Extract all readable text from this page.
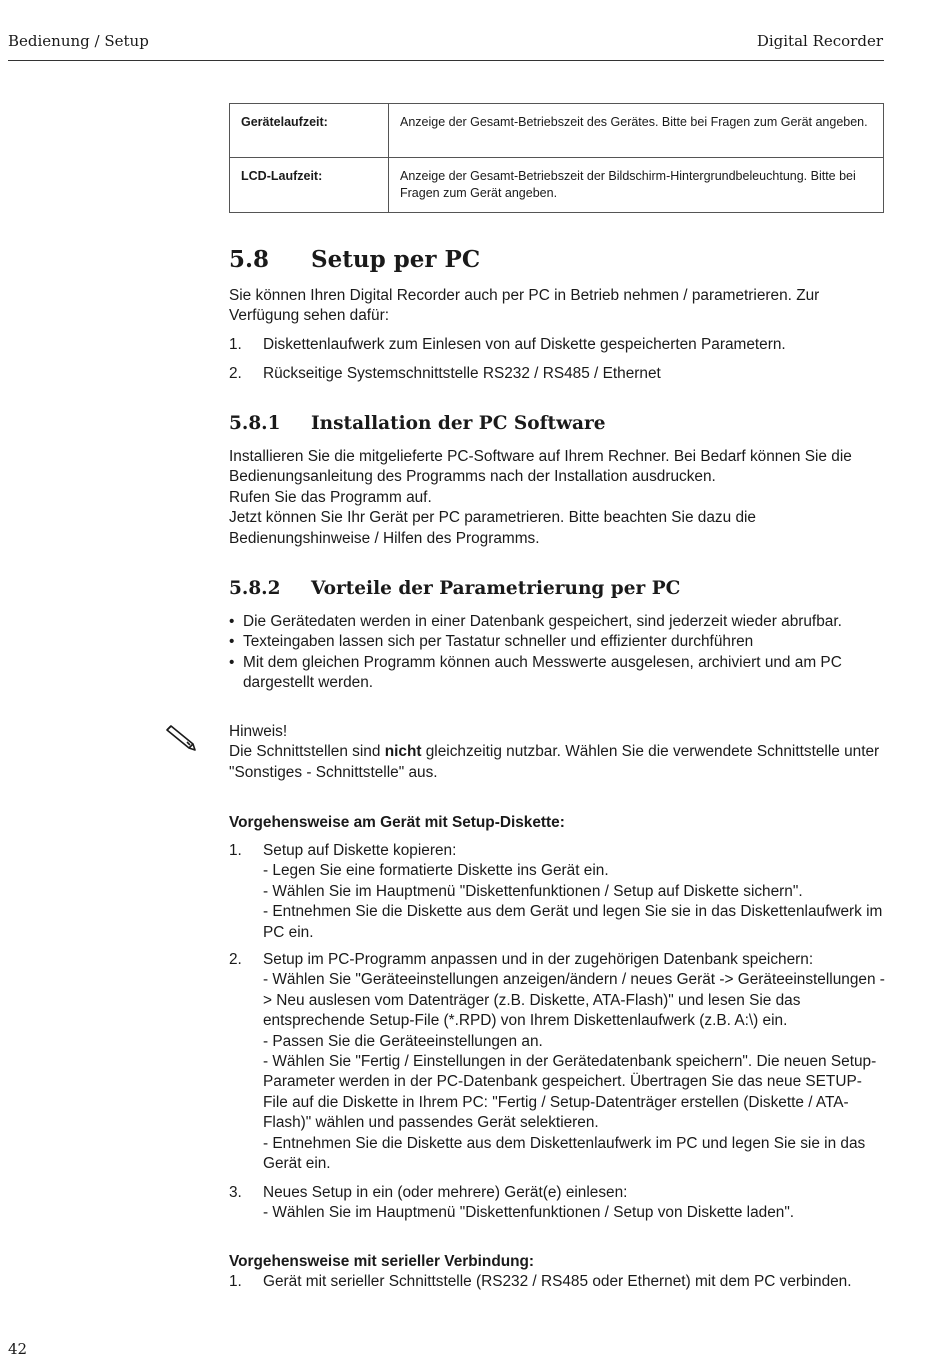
Bedienung / Setup	Digital Recorder
Gerätelaufzeit:	Anzeige der Gesamt-Betriebszeit des Gerätes. Bitte bei Fragen zum Gerät angeben.
LCD-Laufzeit:	Anzeige der Gesamt-Betriebszeit der Bildschirm-Hintergrundbeleuchtung. Bitte bei Fragen zum Gerät angeben.
5.8 Setup per PC
Sie können Ihren Digital Recorder auch per PC in Betrieb nehmen / parametrieren. Zur Verfügung sehen dafür:
1.	Diskettenlaufwerk zum Einlesen von auf Diskette gespeicherten Parametern.
2.	Rückseitige Systemschnittstelle RS232 / RS485 / Ethernet
5.8.1 Installation der PC Software
Installieren Sie die mitgelieferte PC-Software auf Ihrem Rechner. Bei Bedarf können Sie die Bedienungsanleitung des Programms nach der Installation ausdrucken.
Rufen Sie das Programm auf.
Jetzt können Sie Ihr Gerät per PC parametrieren. Bitte beachten Sie dazu die Bedienungshinweise / Hilfen des Programms.
5.8.2 Vorteile der Parametrierung per PC
• Die Gerätedaten werden in einer Datenbank gespeichert, sind jederzeit wieder abrufbar.
• Texteingaben lassen sich per Tastatur schneller und effizienter durchführen
• Mit dem gleichen Programm können auch Messwerte ausgelesen, archiviert und am PC dargestellt werden.
Hinweis!
Die Schnittstellen sind nicht gleichzeitig nutzbar. Wählen Sie die verwendete Schnittstelle unter "Sonstiges - Schnittstelle" aus.
Vorgehensweise am Gerät mit Setup-Diskette:
1.	Setup auf Diskette kopieren:
- Legen Sie eine formatierte Diskette ins Gerät ein.
- Wählen Sie im Hauptmenü "Diskettenfunktionen / Setup auf Diskette sichern".
- Entnehmen Sie die Diskette aus dem Gerät und legen Sie sie in das Diskettenlaufwerk im PC ein.
2.	Setup im PC-Programm anpassen und in der zugehörigen Datenbank speichern:
- Wählen Sie "Geräteeinstellungen anzeigen/ändern / neues Gerät -> Geräteeinstellungen -> Neu auslesen vom Datenträger (z.B. Diskette, ATA-Flash)" und lesen Sie das entsprechende Setup-File (*.RPD) von Ihrem Diskettenlaufwerk (z.B. A:\) ein.
- Passen Sie die Geräteeinstellungen an.
- Wählen Sie "Fertig / Einstellungen in der Gerätedatenbank speichern". Die neuen Setup-Parameter werden in der PC-Datenbank gespeichert. Übertragen Sie das neue SETUP-File auf die Diskette in Ihrem PC: "Fertig / Setup-Datenträger erstellen (Diskette / ATA-Flash)" wählen und passendes Gerät selektieren.
- Entnehmen Sie die Diskette aus dem Diskettenlaufwerk im PC und legen Sie sie in das Gerät ein.
3.	Neues Setup in ein (oder mehrere) Gerät(e) einlesen:
- Wählen Sie im Hauptmenü "Diskettenfunktionen / Setup von Diskette laden".
Vorgehensweise mit serieller Verbindung:
1.	Gerät mit serieller Schnittstelle (RS232 / RS485 oder Ethernet) mit dem PC verbinden.
42
